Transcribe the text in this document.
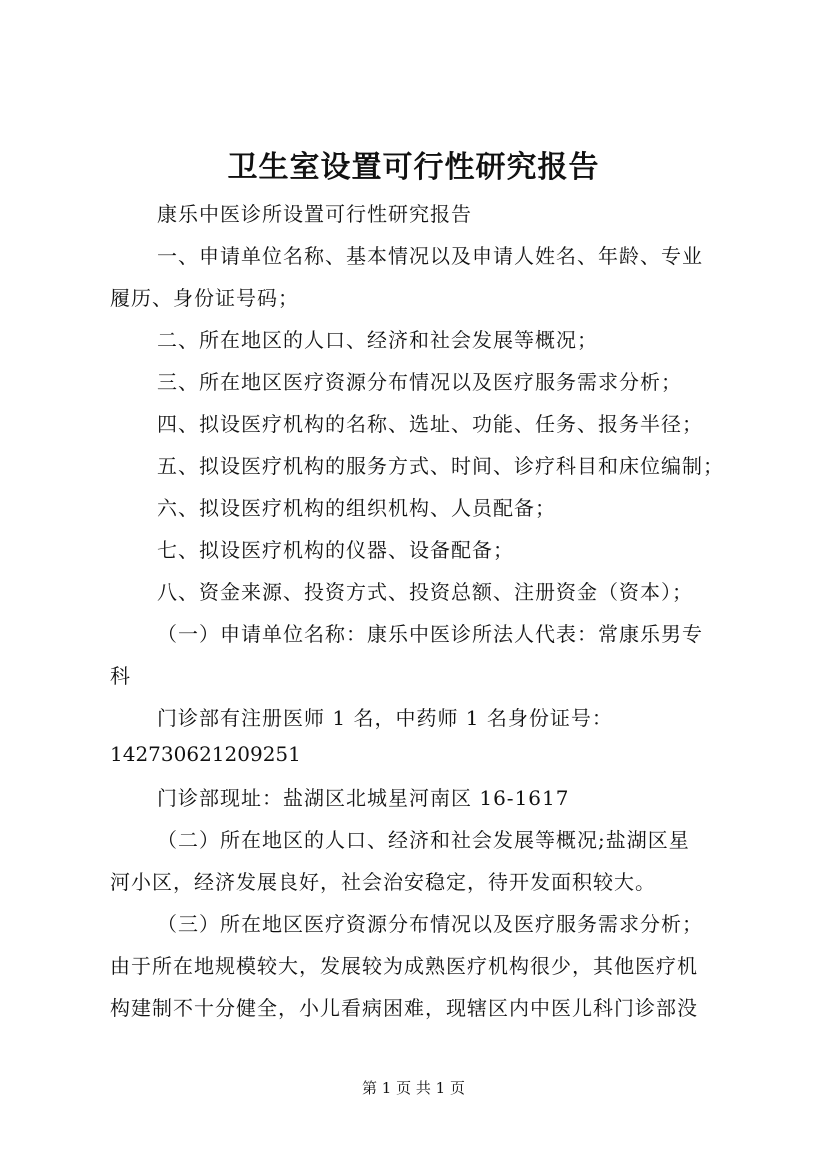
卫生室设置可行性研究报告
康乐中医诊所设置可行性研究报告
一、申请单位名称、基本情况以及申请人姓名、年龄、专业
履历、身份证号码；
二、所在地区的人口、经济和社会发展等概况；
三、所在地区医疗资源分布情况以及医疗服务需求分析；
四、拟设医疗机构的名称、选址、功能、任务、报务半径；
五、拟设医疗机构的服务方式、时间、诊疗科目和床位编制；
六、拟设医疗机构的组织机构、人员配备；
七、拟设医疗机构的仪器、设备配备；
八、资金来源、投资方式、投资总额、注册资金（资本）；
（一）申请单位名称：康乐中医诊所法人代表：常康乐男专
科
门诊部有注册医师 1 名，中药师 1 名身份证号：
142730621209251
门诊部现址：盐湖区北城星河南区 16-1617
（二）所在地区的人口、经济和社会发展等概况;盐湖区星
河小区，经济发展良好，社会治安稳定，待开发面积较大。
（三）所在地区医疗资源分布情况以及医疗服务需求分析；
由于所在地规模较大，发展较为成熟医疗机构很少，其他医疗机
构建制不十分健全，小儿看病困难，现辖区内中医儿科门诊部没
第 1 页 共 1 页
